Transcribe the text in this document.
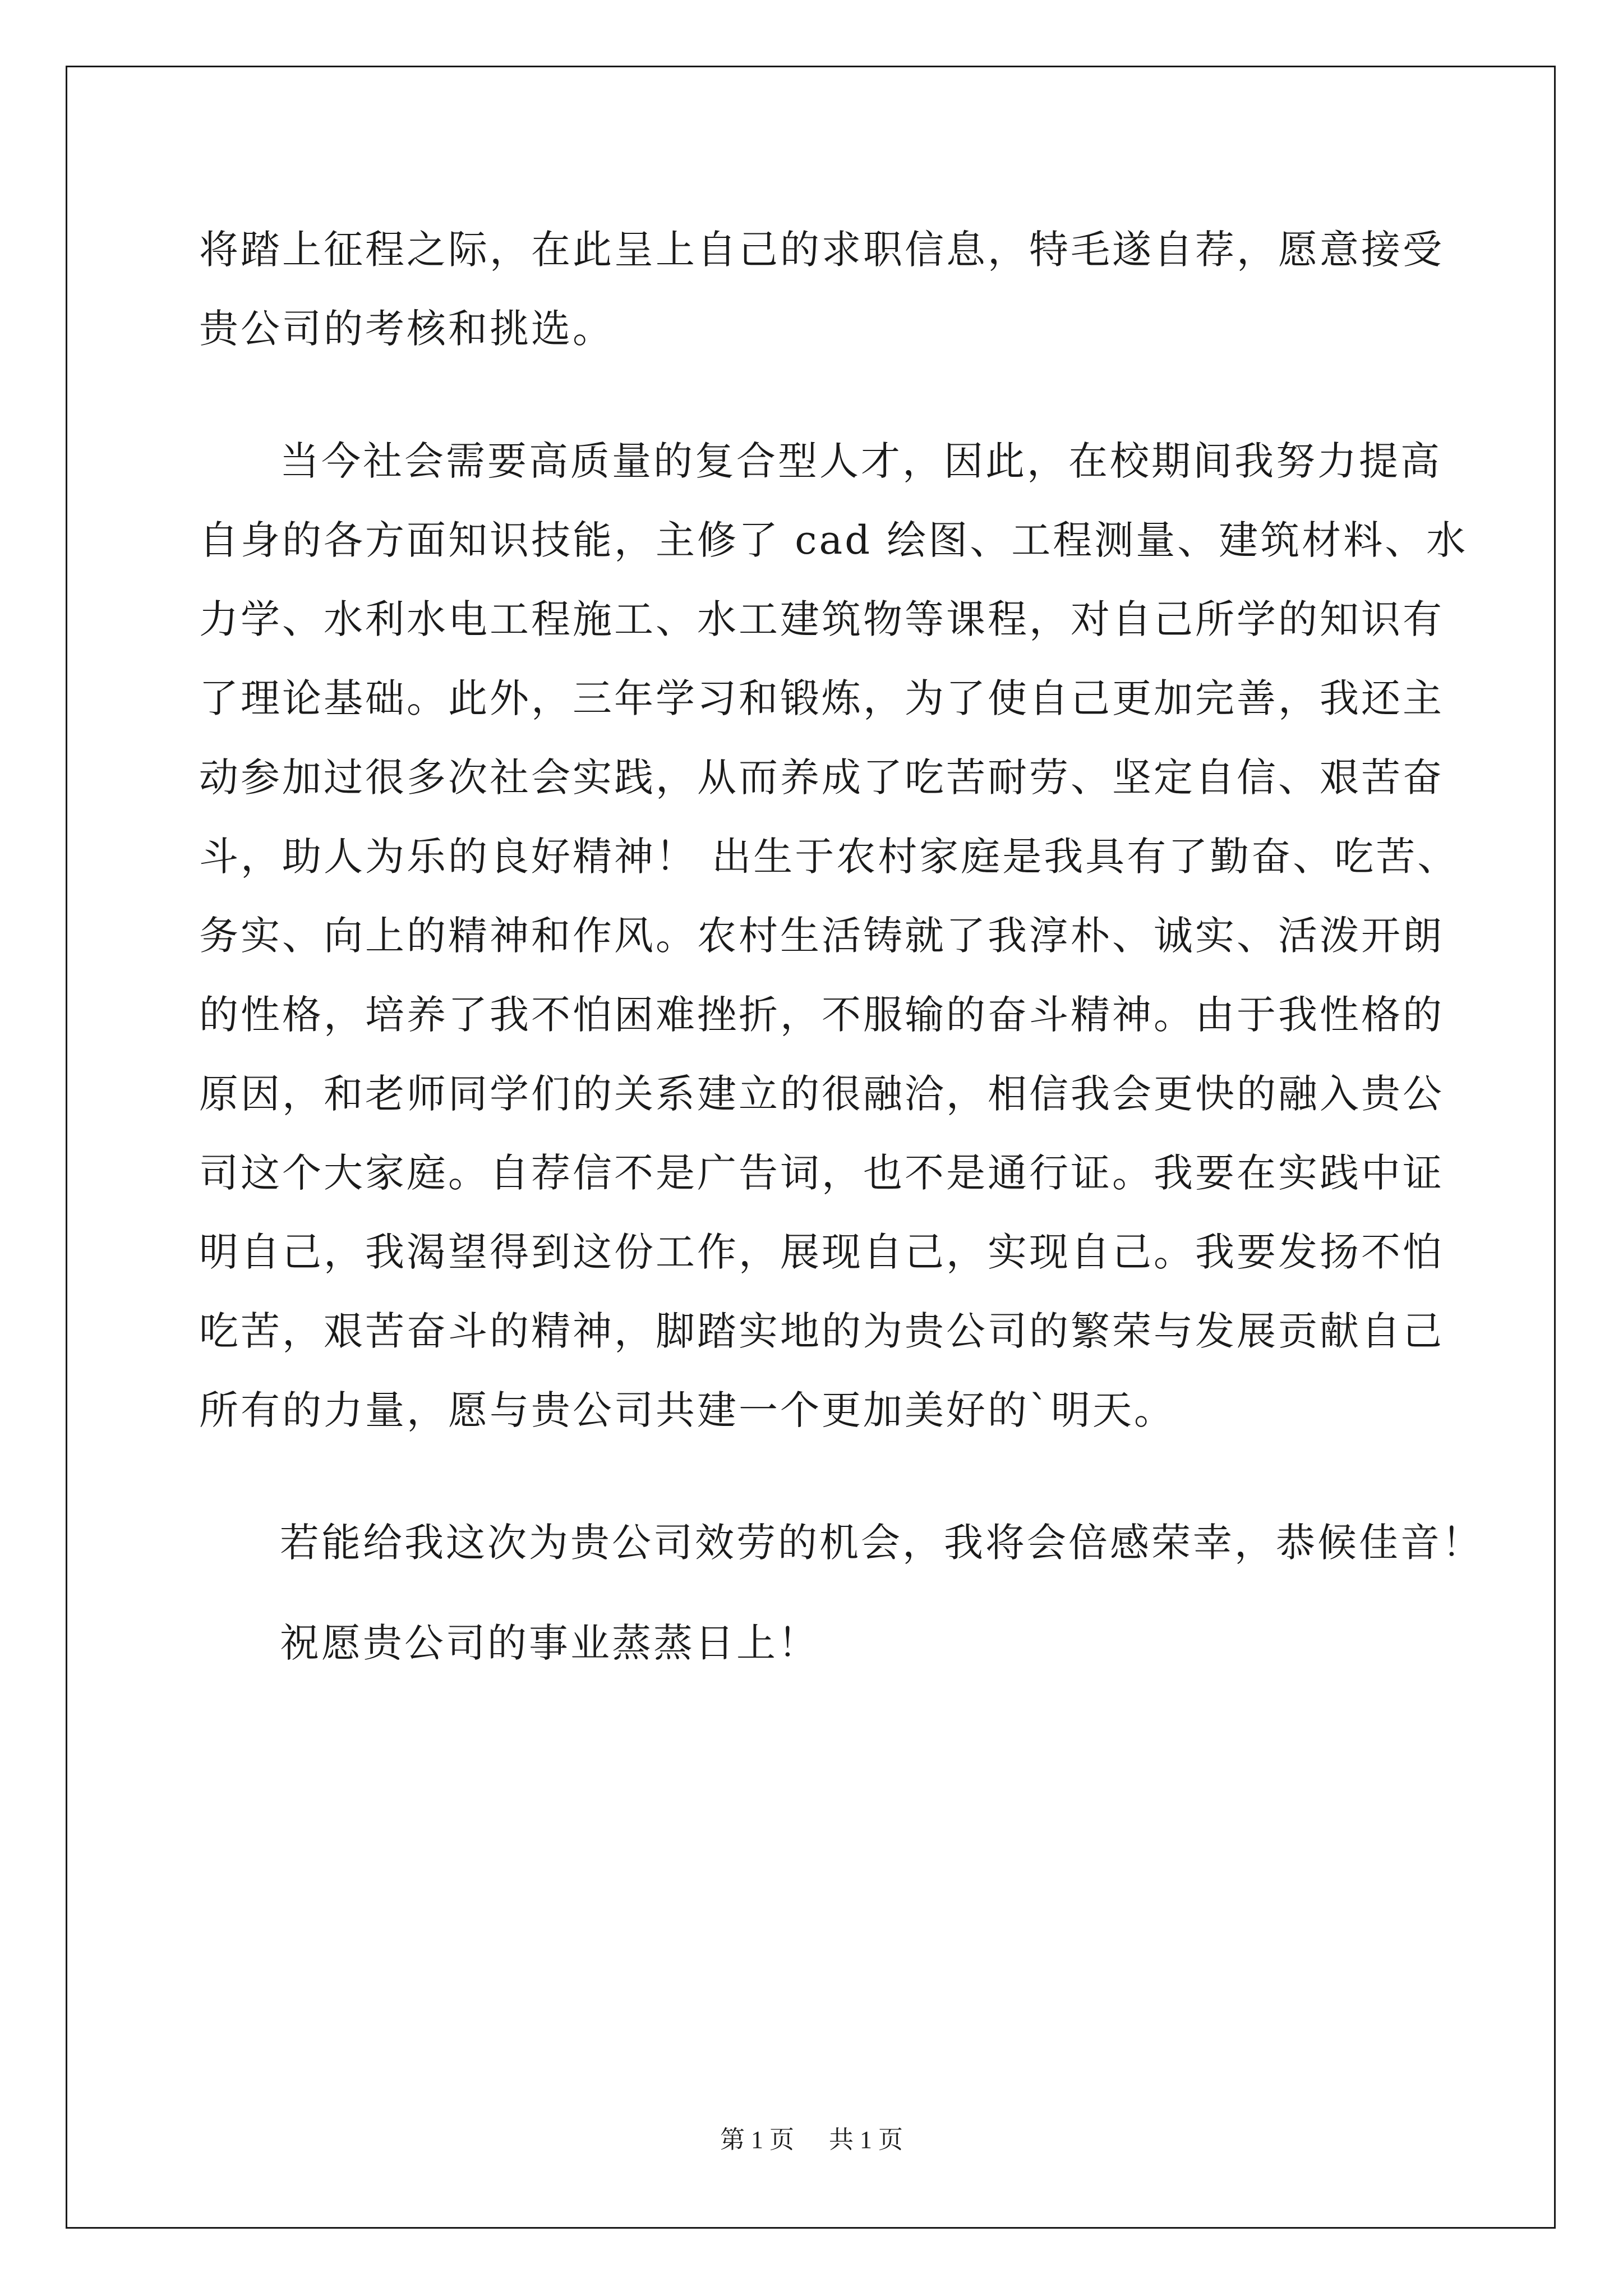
将踏上征程之际，在此呈上自己的求职信息，特毛遂自荐，愿意接受
贵公司的考核和挑选。
当今社会需要高质量的复合型人才，因此，在校期间我努力提高
自身的各方面知识技能，主修了 cad 绘图、工程测量、建筑材料、水
力学、水利水电工程施工、水工建筑物等课程，对自己所学的知识有
了理论基础。此外，三年学习和锻炼，为了使自己更加完善，我还主
动参加过很多次社会实践，从而养成了吃苦耐劳、坚定自信、艰苦奋
斗，助人为乐的良好精神！ 出生于农村家庭是我具有了勤奋、吃苦、
务实、向上的精神和作风。农村生活铸就了我淳朴、诚实、活泼开朗
的性格，培养了我不怕困难挫折，不服输的奋斗精神。由于我性格的
原因，和老师同学们的关系建立的很融洽，相信我会更快的融入贵公
司这个大家庭。自荐信不是广告词，也不是通行证。我要在实践中证
明自己，我渴望得到这份工作，展现自己，实现自己。我要发扬不怕
吃苦，艰苦奋斗的精神，脚踏实地的为贵公司的繁荣与发展贡献自己
所有的力量，愿与贵公司共建一个更加美好的`明天。
若能给我这次为贵公司效劳的机会，我将会倍感荣幸，恭候佳音！
祝愿贵公司的事业蒸蒸日上！
第 1 页 共 1 页
